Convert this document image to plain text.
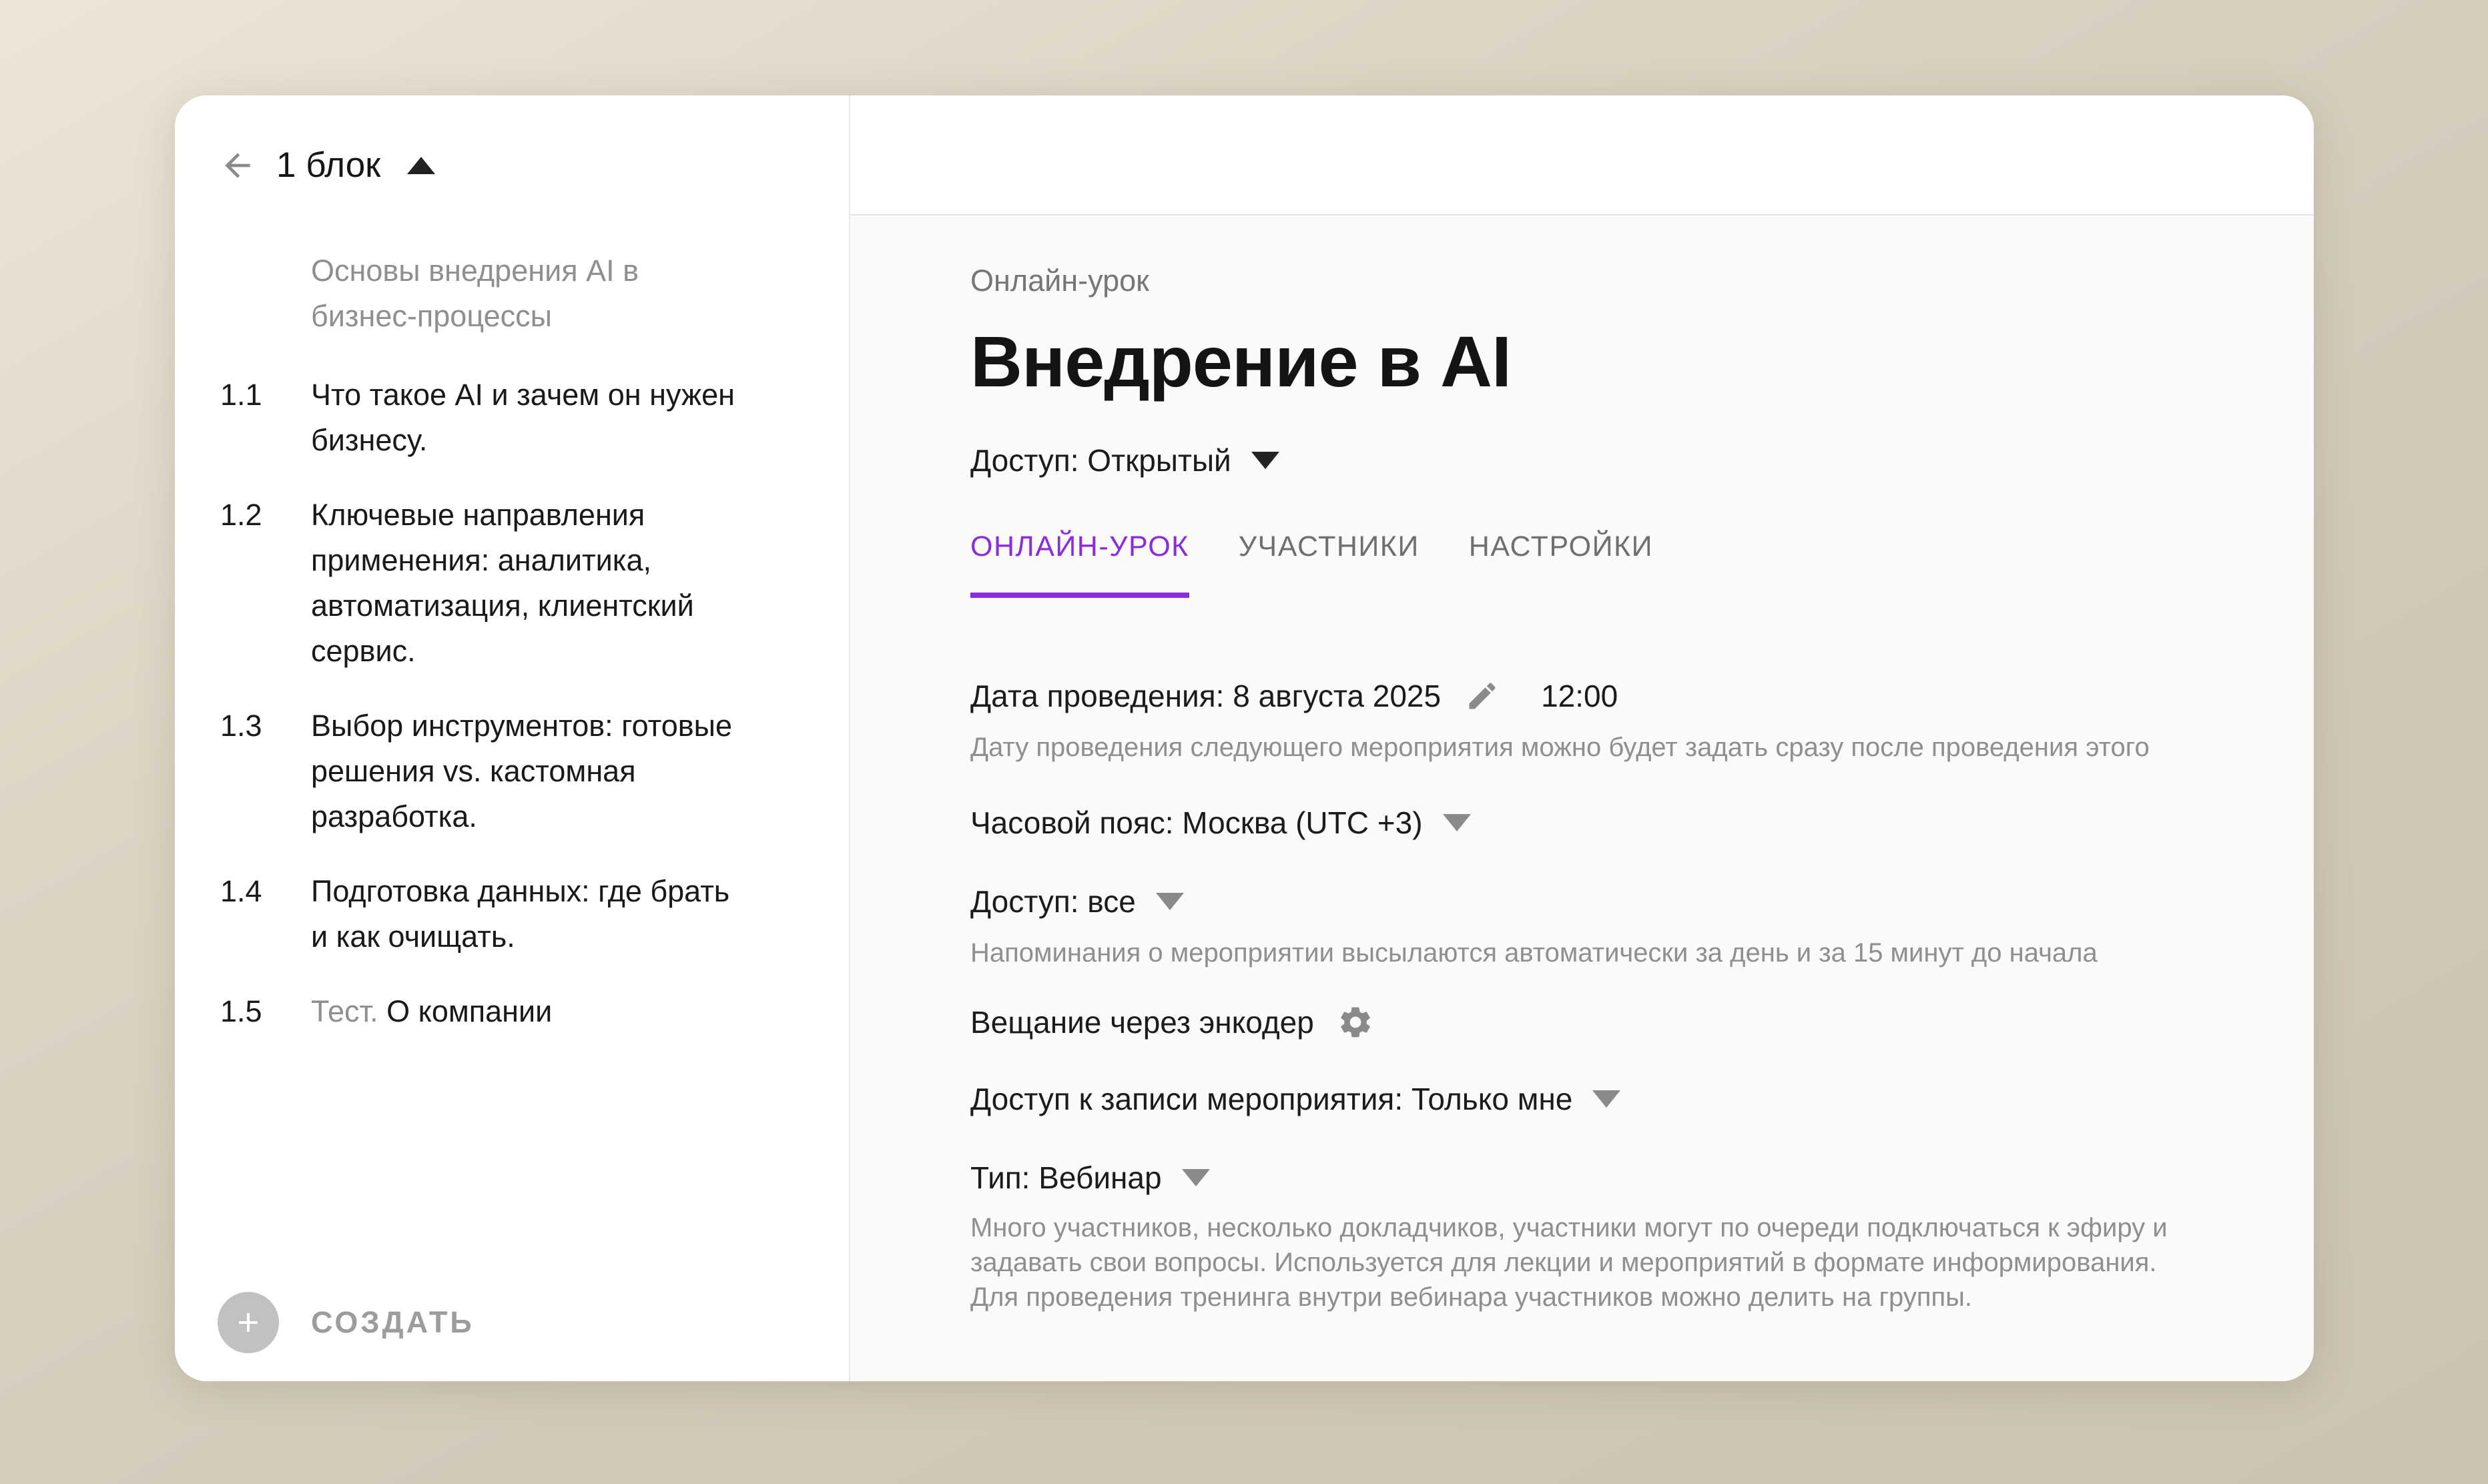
1 блок
Основы внедрения AI в бизнес-процессы
1.1	Что такое AI и зачем он нужен бизнесу.
1.2	Ключевые направления применения: аналитика, автоматизация, клиентский сервис.
1.3	Выбор инструментов: готовые решения vs. кастомная разработка.
1.4	Подготовка данных: где брать и как очищать.
1.5	Тест. О компании
СОЗДАТЬ
Онлайн-урок
Внедрение в AI
Доступ: Открытый
ОНЛАЙН-УРОК УЧАСТНИКИ НАСТРОЙКИ
Дата проведения: 8 августа 2025	12:00
Дату проведения следующего мероприятия можно будет задать сразу после проведения этого
Часовой пояс: Москва (UTC +3)
Доступ: все
Напоминания о мероприятии высылаются автоматически за день и за 15 минут до начала
Вещание через энкодер
Доступ к записи мероприятия: Только мне
Тип: Вебинар
Много участников, несколько докладчиков, участники могут по очереди подключаться к эфиру и задавать свои вопросы. Используется для лекции и мероприятий в формате информирования. Для проведения тренинга внутри вебинара участников можно делить на группы.
